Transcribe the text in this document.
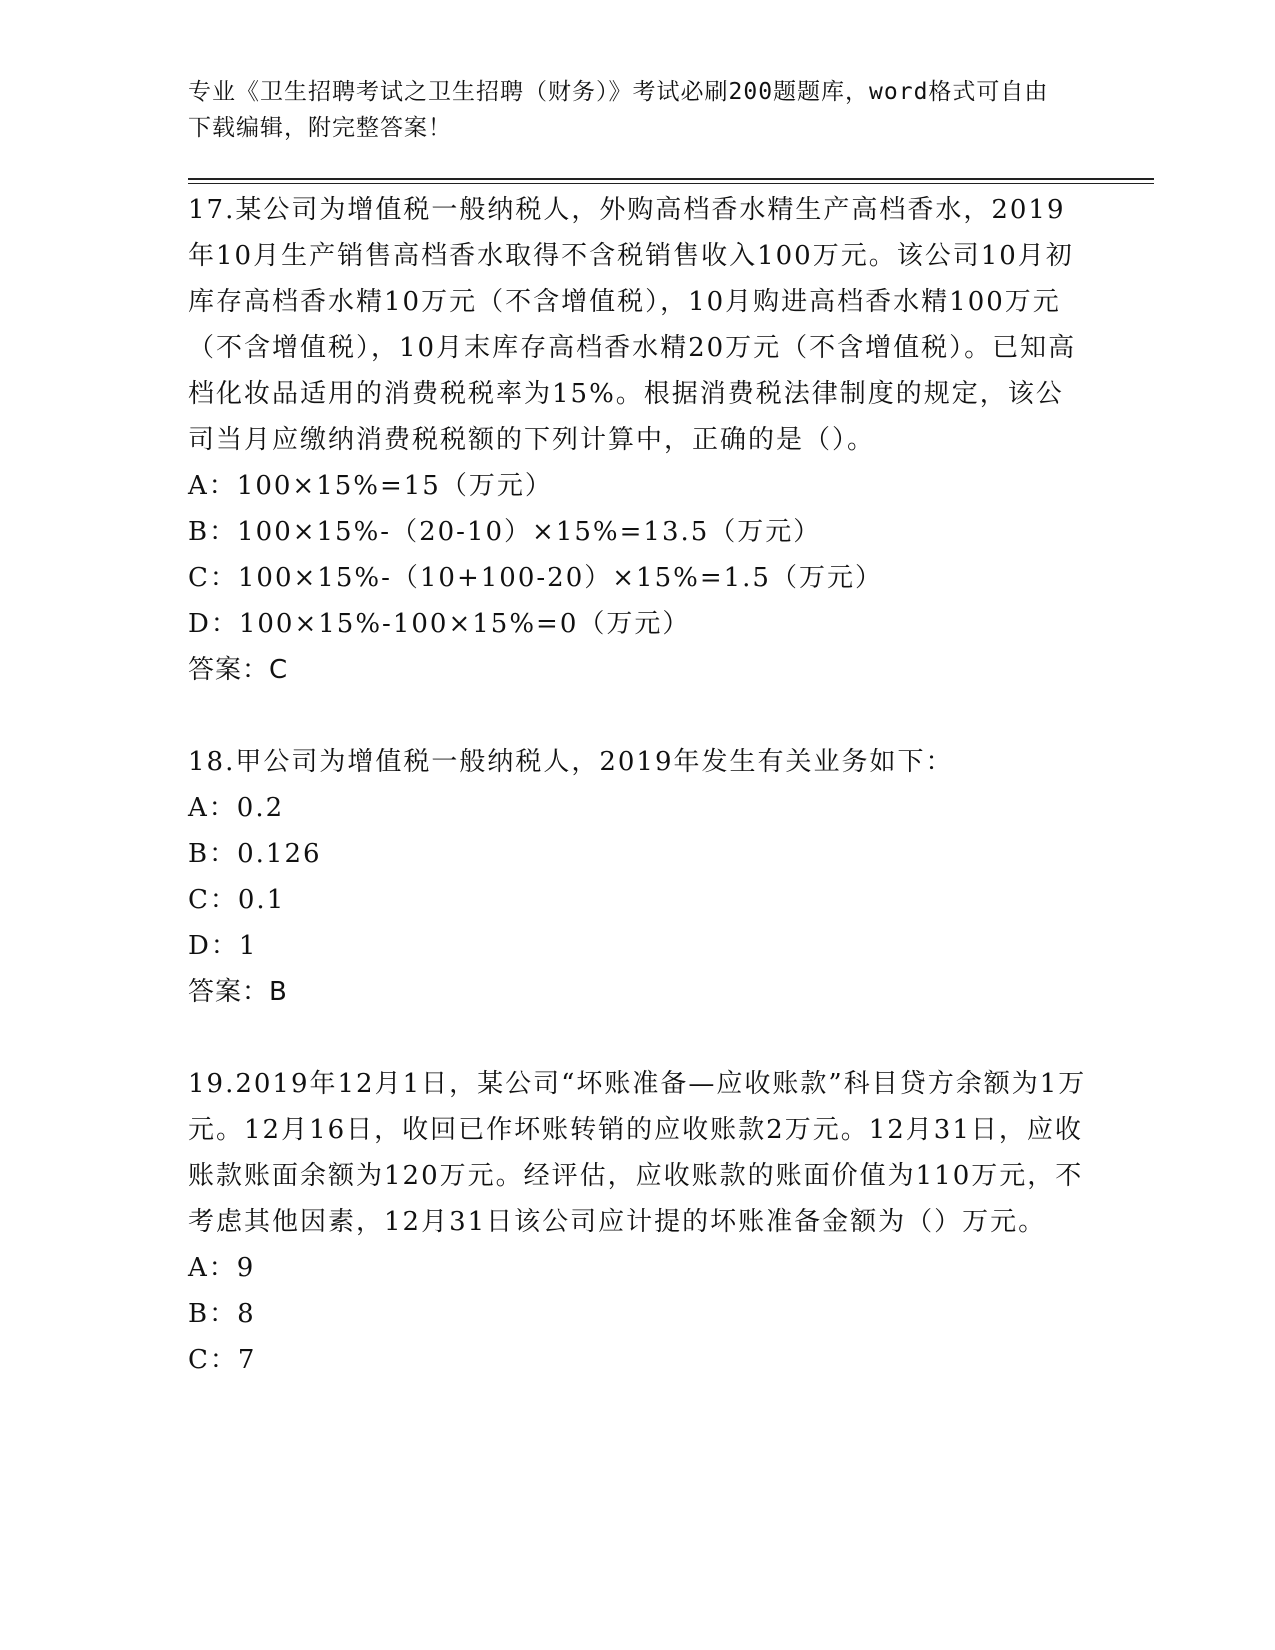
专业《卫生招聘考试之卫生招聘（财务）》考试必刷200题题库，word格式可自由下载编辑，附完整答案！
17.某公司为增值税一般纳税人，外购高档香水精生产高档香水，2019年10月生产销售高档香水取得不含税销售收入100万元。该公司10月初库存高档香水精10万元（不含增值税），10月购进高档香水精100万元（不含增值税），10月末库存高档香水精20万元（不含增值税）。已知高档化妆品适用的消费税税率为15%。根据消费税法律制度的规定，该公司当月应缴纳消费税税额的下列计算中，正确的是（）。
A：100×15%=15（万元）
B：100×15%-（20-10）×15%=13.5（万元）
C：100×15%-（10+100-20）×15%=1.5（万元）
D：100×15%-100×15%=0（万元）
答案：C
18.甲公司为增值税一般纳税人，2019年发生有关业务如下：
A：0.2
B：0.126
C：0.1
D：1
答案：B
19.2019年12月1日，某公司“坏账准备—应收账款”科目贷方余额为1万元。12月16日，收回已作坏账转销的应收账款2万元。12月31日，应收账款账面余额为120万元。经评估，应收账款的账面价值为110万元，不考虑其他因素，12月31日该公司应计提的坏账准备金额为（）万元。
A：9
B：8
C：7
